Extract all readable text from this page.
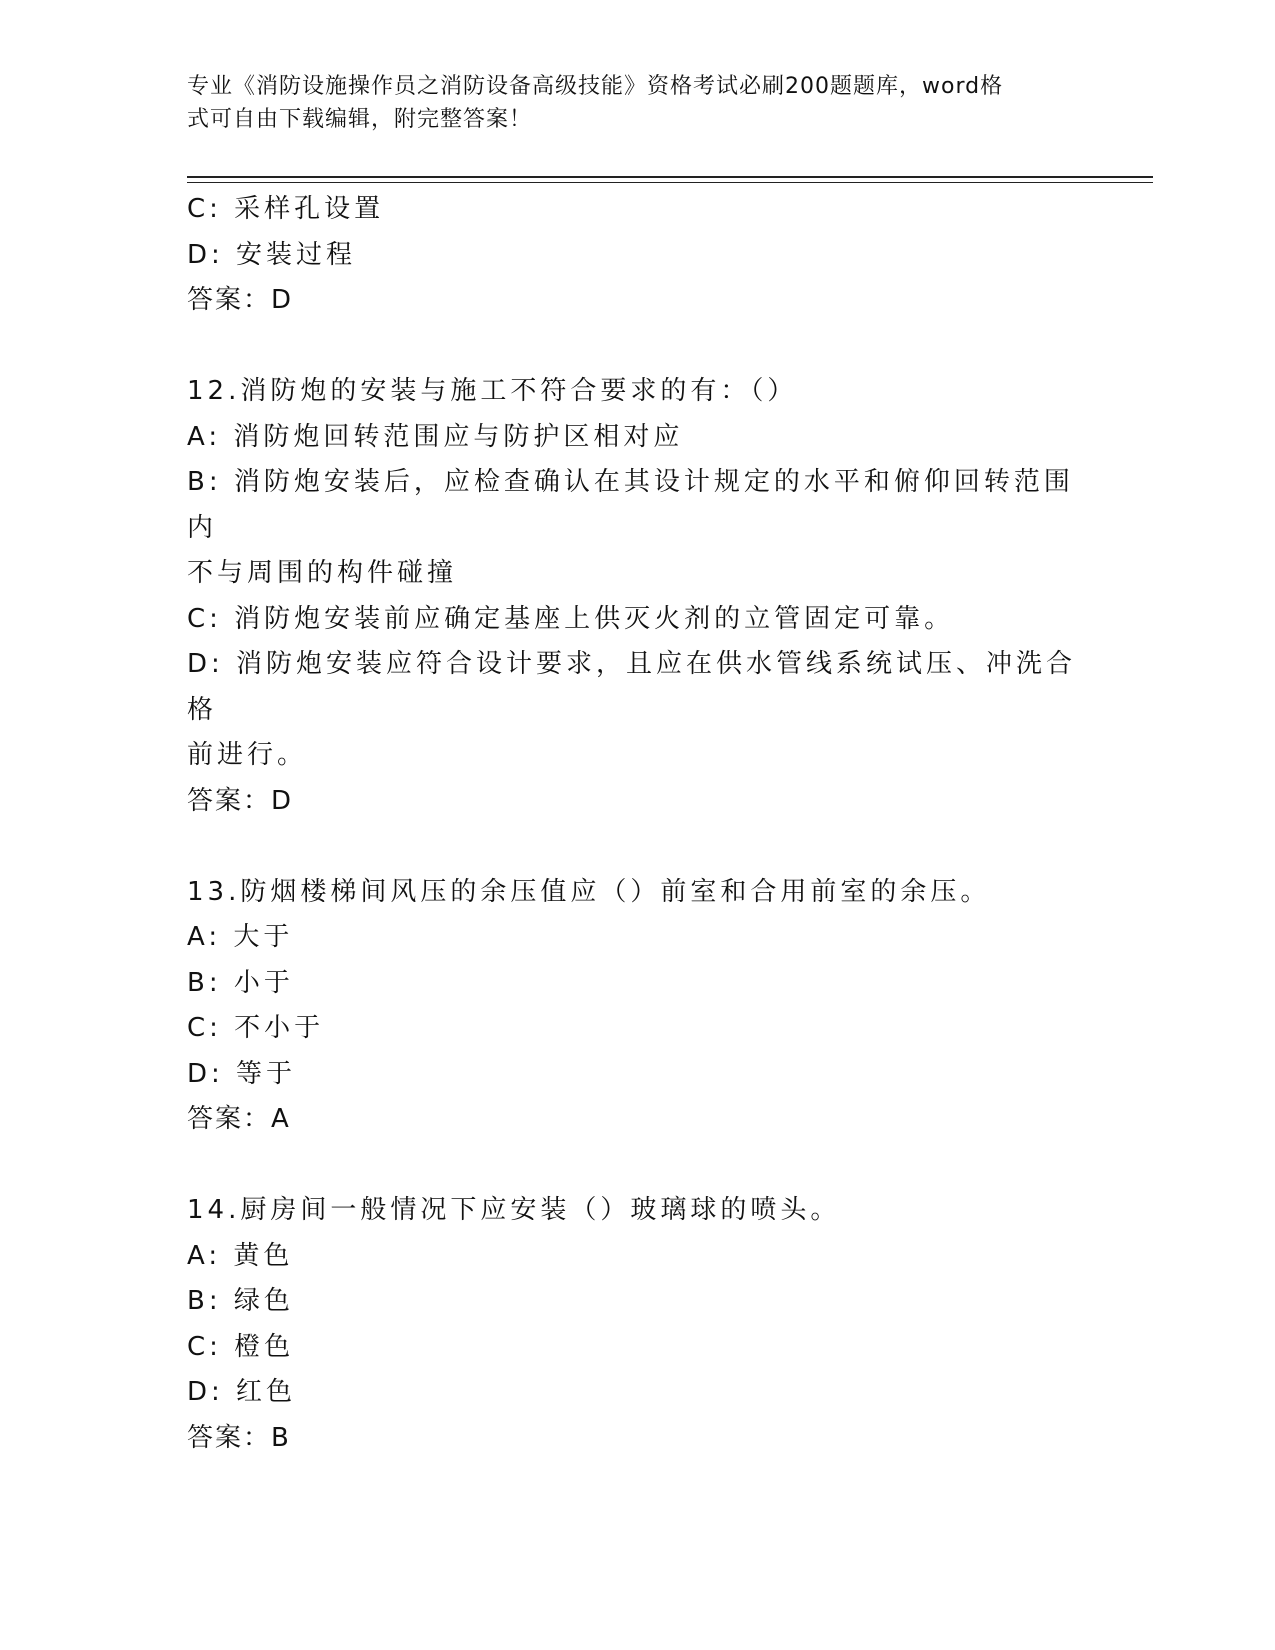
专业《消防设施操作员之消防设备高级技能》资格考试必刷200题题库，word格
式可自由下载编辑，附完整答案！
C: 采样孔设置
D: 安装过程
答案：D
12.消防炮的安装与施工不符合要求的有：（）
A: 消防炮回转范围应与防护区相对应
B: 消防炮安装后，应检查确认在其设计规定的水平和俯仰回转范围内
不与周围的构件碰撞
C: 消防炮安装前应确定基座上供灭火剂的立管固定可靠。
D: 消防炮安装应符合设计要求，且应在供水管线系统试压、冲洗合格
前进行。
答案：D
13.防烟楼梯间风压的余压值应（）前室和合用前室的余压。
A: 大于
B: 小于
C: 不小于
D: 等于
答案：A
14.厨房间一般情况下应安装（）玻璃球的喷头。
A: 黄色
B: 绿色
C: 橙色
D: 红色
答案：B
